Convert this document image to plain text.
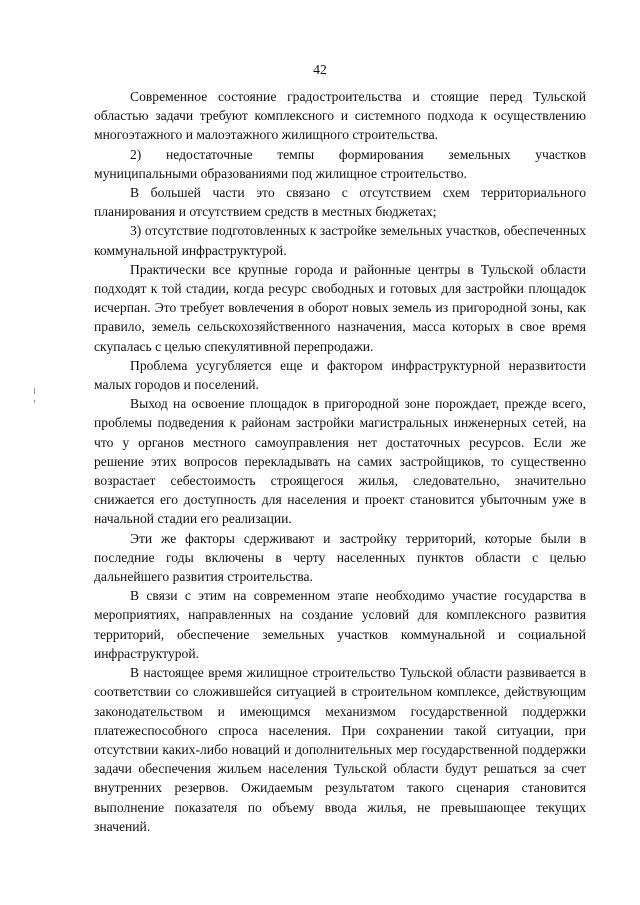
42

Современное состояние градостроительства и стоящие перед Тульской областью задачи требуют комплексного и системного подхода к осуществлению многоэтажного и малоэтажного жилищного строительства.

2) недостаточные темпы формирования земельных участков муниципальными образованиями под жилищное строительство.

В большей части это связано с отсутствием схем территориального планирования и отсутствием средств в местных бюджетах;

3) отсутствие подготовленных к застройке земельных участков, обеспеченных коммунальной инфраструктурой.

Практически все крупные города и районные центры в Тульской области подходят к той стадии, когда ресурс свободных и готовых для застройки площадок исчерпан. Это требует вовлечения в оборот новых земель из пригородной зоны, как правило, земель сельскохозяйственного назначения, масса которых в свое время скупалась с целью спекулятивной перепродажи.

Проблема усугубляется еще и фактором инфраструктурной неразвитости малых городов и поселений.

Выход на освоение площадок в пригородной зоне порождает, прежде всего, проблемы подведения к районам застройки магистральных инженерных сетей, на что у органов местного самоуправления нет достаточных ресурсов. Если же решение этих вопросов перекладывать на самих застройщиков, то существенно возрастает себестоимость строящегося жилья, следовательно, значительно снижается его доступность для населения и проект становится убыточным уже в начальной стадии его реализации.

Эти же факторы сдерживают и застройку территорий, которые были в последние годы включены в черту населенных пунктов области с целью дальнейшего развития строительства.

В связи с этим на современном этапе необходимо участие государства в мероприятиях, направленных на создание условий для комплексного развития территорий, обеспечение земельных участков коммунальной и социальной инфраструктурой.

В настоящее время жилищное строительство Тульской области развивается в соответствии со сложившейся ситуацией в строительном комплексе, действующим законодательством и имеющимся механизмом государственной поддержки платежеспособного спроса населения. При сохранении такой ситуации, при отсутствии каких-либо новаций и дополнительных мер государственной поддержки задачи обеспечения жильем населения Тульской области будут решаться за счет внутренних резервов. Ожидаемым результатом такого сценария становится выполнение показателя по объему ввода жилья, не превышающее текущих значений.
